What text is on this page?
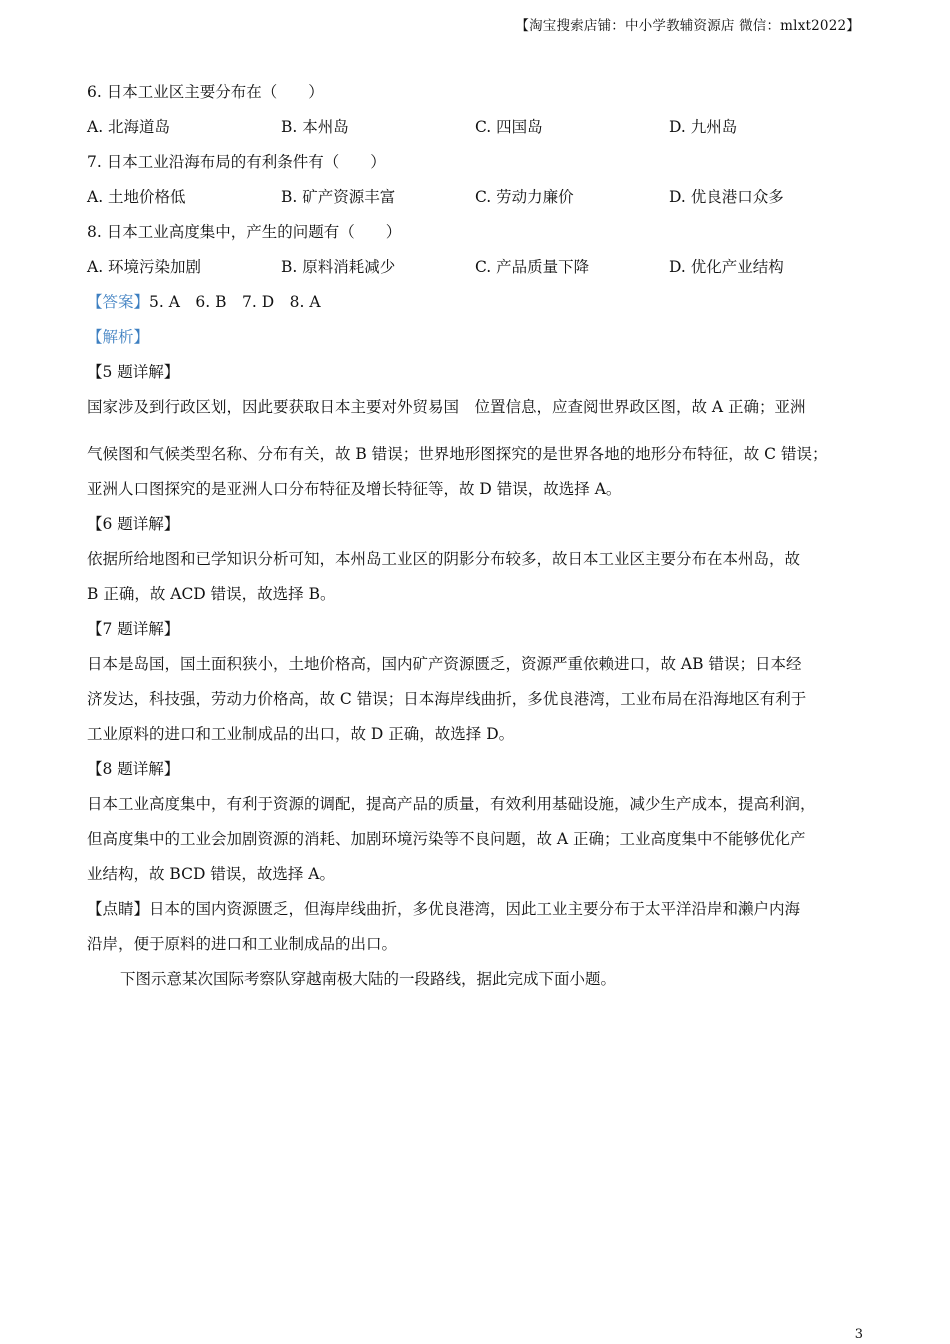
【淘宝搜索店铺：中小学教辅资源店 微信：mlxt2022】
6. 日本工业区主要分布在（　　）
A. 北海道岛	B. 本州岛	C. 四国岛	D. 九州岛
7. 日本工业沿海布局的有利条件有（　　）
A. 土地价格低	B. 矿产资源丰富	C. 劳动力廉价	D. 优良港口众多
8. 日本工业高度集中，产生的问题有（　　）
A. 环境污染加剧	B. 原料消耗减少	C. 产品质量下降	D. 优化产业结构
【答案】5. A　6. B　7. D　8. A
【解析】
【5 题详解】
国家涉及到行政区划，因此要获取日本主要对外贸易国　位置信息，应查阅世界政区图，故 A 正确；亚洲
气候图和气候类型名称、分布有关，故 B 错误；世界地形图探究的是世界各地的地形分布特征，故 C 错误；
亚洲人口图探究的是亚洲人口分布特征及增长特征等，故 D 错误，故选择 A。
【6 题详解】
依据所给地图和已学知识分析可知，本州岛工业区的阴影分布较多，故日本工业区主要分布在本州岛，故
B 正确，故 ACD 错误，故选择 B。
【7 题详解】
日本是岛国，国土面积狭小，土地价格高，国内矿产资源匮乏，资源严重依赖进口，故 AB 错误；日本经
济发达，科技强，劳动力价格高，故 C 错误；日本海岸线曲折，多优良港湾，工业布局在沿海地区有利于
工业原料的进口和工业制成品的出口，故 D 正确，故选择 D。
【8 题详解】
日本工业高度集中，有利于资源的调配，提高产品的质量，有效利用基础设施，减少生产成本，提高利润，
但高度集中的工业会加剧资源的消耗、加剧环境污染等不良问题，故 A 正确；工业高度集中不能够优化产
业结构，故 BCD 错误，故选择 A。
【点睛】日本的国内资源匮乏，但海岸线曲折，多优良港湾，因此工业主要分布于太平洋沿岸和濑户内海
沿岸，便于原料的进口和工业制成品的出口。
下图示意某次国际考察队穿越南极大陆的一段路线，据此完成下面小题。
3
